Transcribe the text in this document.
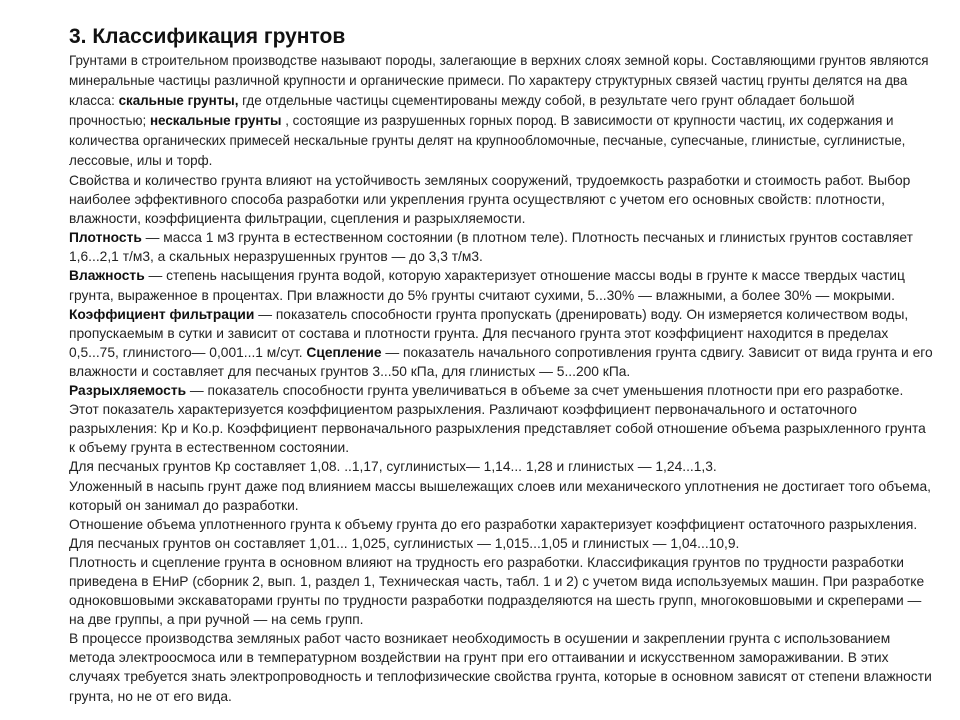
3. Классификация грунтов

Грунтами в строительном производстве называют породы, залегающие в верхних слоях земной коры. Составляющими грунтов являются минеральные частицы различной крупности и органические примеси. По характеру структурных связей частиц грунты делятся на два класса: скальные грунты, где отдельные частицы сцементированы между собой, в результате чего грунт обладает большой прочностью; нескальные грунты , состоящие из разрушенных горных пород. В зависимости от крупности частиц, их содержания и количества органических примесей нескальные грунты делят на крупнообломочные, песчаные, супесчаные, глинистые, суглинистые, лессовые, илы и торф.

Свойства и количество грунта влияют на устойчивость земляных сооружений, трудоемкость разработки и стоимость работ. Выбор наиболее эффективного способа разработки или укрепления грунта осуществляют с учетом его основных свойств: плотности, влажности, коэффициента фильтрации, сцепления и разрыхляемости.

Плотность — масса 1 м3 грунта в естественном состоянии (в плотном теле). Плотность песчаных и глинистых грунтов составляет 1,6...2,1 т/м3, а скальных неразрушенных грунтов — до 3,3 т/м3.

Влажность — степень насыщения грунта водой, которую характеризует отношение массы воды в грунте к массе твердых частиц грунта, выраженное в процентах. При влажности до 5% грунты считают сухими, 5...30% — влажными, а более 30% — мокрыми. Коэффициент фильтрации — показатель способности грунта пропускать (дренировать) воду. Он измеряется количеством воды, пропускаемым в сутки и зависит от состава и плотности грунта. Для песчаного грунта этот коэффициент находится в пределах 0,5...75, глинистого— 0,001...1 м/сут. Сцепление — показатель начального сопротивления грунта сдвигу. Зависит от вида грунта и его влажности и составляет для песчаных грунтов 3...50 кПа, для глинистых — 5...200 кПа.

Разрыхляемость — показатель способности грунта увеличиваться в объеме за счет уменьшения плотности при его разработке. Этот показатель характеризуется коэффициентом разрыхления. Различают коэффициент первоначального и остаточного разрыхления: Кр и Ко.р. Коэффициент первоначального разрыхления представляет собой отношение объема разрыхленного грунта к объему грунта в естественном состоянии.

Для песчаных грунтов Кр составляет 1,08. ..1,17, суглинистых— 1,14... 1,28 и глинистых — 1,24...1,3.

Уложенный в насыпь грунт даже под влиянием массы вышележащих слоев или механического уплотнения не достигает того объема, который он занимал до разработки.

Отношение объема уплотненного грунта к объему грунта до его разработки характеризует коэффициент остаточного разрыхления. Для песчаных грунтов он составляет 1,01... 1,025, суглинистых — 1,015...1,05 и глинистых — 1,04...10,9.

Плотность и сцепление грунта в основном влияют на трудность его разработки. Классификация грунтов по трудности разработки приведена в ЕНиР (сборник 2, вып. 1, раздел 1, Техническая часть, табл. 1 и 2) с учетом вида используемых машин. При разработке одноковшовыми экскаваторами грунты по трудности разработки подразделяются на шесть групп, многоковшовыми и скреперами — на две группы, а при ручной — на семь групп.

В процессе производства земляных работ часто возникает необходимость в осушении и закреплении грунта с использованием метода электроосмоса или в температурном воздействии на грунт при его оттаивании и искусственном замораживании. В этих случаях требуется знать электропроводность и теплофизические свойства грунта, которые в основном зависят от степени влажности грунта, но не от его вида.
